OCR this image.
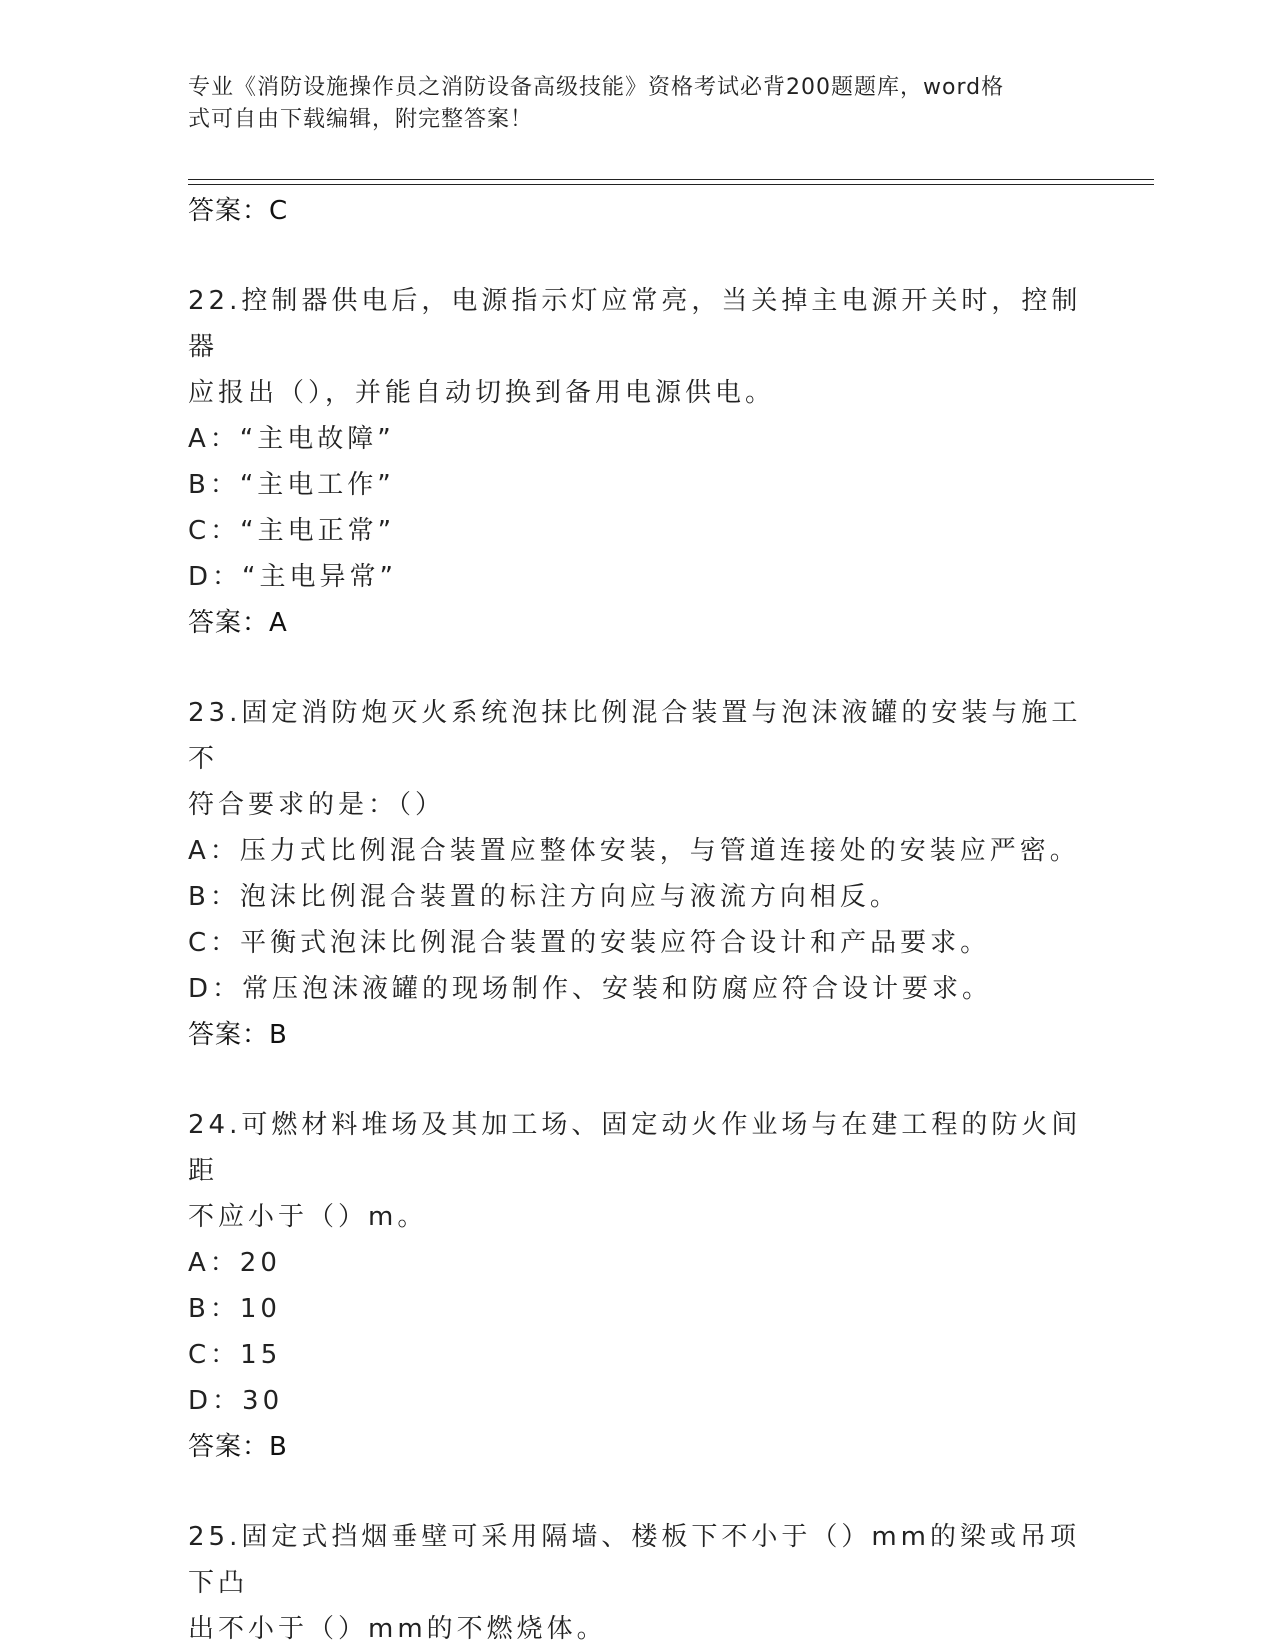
专业《消防设施操作员之消防设备高级技能》资格考试必背200题题库，word格
式可自由下载编辑，附完整答案！
答案：C
22.控制器供电后，电源指示灯应常亮，当关掉主电源开关时，控制器
应报出（），并能自动切换到备用电源供电。
A：“主电故障”
B：“主电工作”
C：“主电正常”
D：“主电异常”
答案：A
23.固定消防炮灭火系统泡抹比例混合装置与泡沫液罐的安装与施工不
符合要求的是：（）
A：压力式比例混合装置应整体安装，与管道连接处的安装应严密。
B：泡沫比例混合装置的标注方向应与液流方向相反。
C：平衡式泡沫比例混合装置的安装应符合设计和产品要求。
D：常压泡沫液罐的现场制作、安装和防腐应符合设计要求。
答案：B
24.可燃材料堆场及其加工场、固定动火作业场与在建工程的防火间距
不应小于（）m。
A：20
B：10
C：15
D：30
答案：B
25.固定式挡烟垂壁可采用隔墙、楼板下不小于（）mm的梁或吊项下凸
出不小于（）mm的不燃烧体。
